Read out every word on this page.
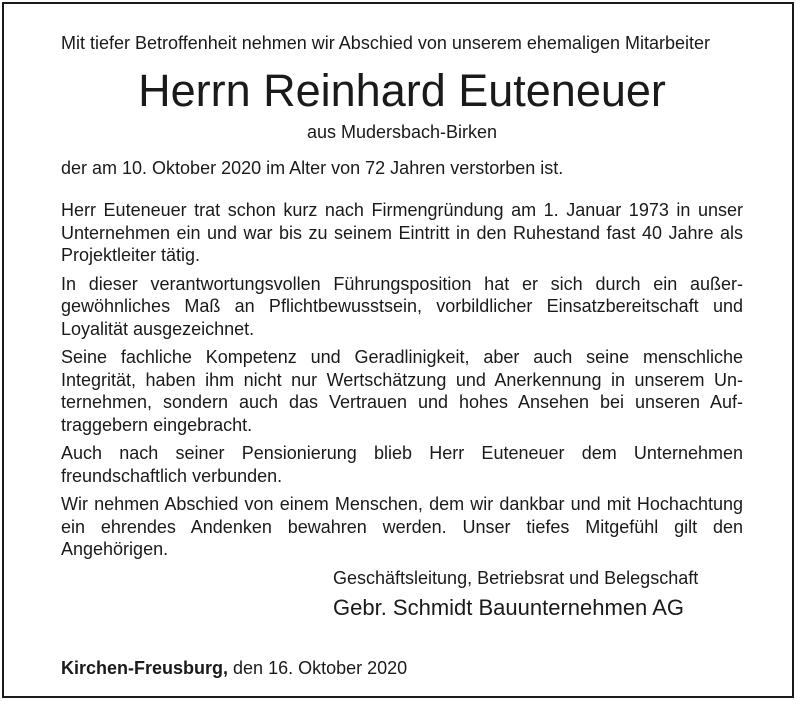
Mit tiefer Betroffenheit nehmen wir Abschied von unserem ehemaligen Mitarbeiter

Herrn Reinhard Euteneuer

aus Mudersbach-Birken

der am 10. Oktober 2020 im Alter von 72 Jahren verstorben ist.

Herr Euteneuer trat schon kurz nach Firmengründung am 1. Januar 1973 in unser Unternehmen ein und war bis zu seinem Eintritt in den Ruhestand fast 40 Jahre als Projektleiter tätig.

In dieser verantwortungsvollen Führungsposition hat er sich durch ein außergewöhnliches Maß an Pflichtbewusstsein, vorbildlicher Einsatzbereitschaft und Loyalität ausgezeichnet.

Seine fachliche Kompetenz und Geradlinigkeit, aber auch seine menschliche Integrität, haben ihm nicht nur Wertschätzung und Anerkennung in unserem Unternehmen, sondern auch das Vertrauen und hohes Ansehen bei unseren Auftraggebern eingebracht.

Auch nach seiner Pensionierung blieb Herr Euteneuer dem Unternehmen freundschaftlich verbunden.

Wir nehmen Abschied von einem Menschen, dem wir dankbar und mit Hochachtung ein ehrendes Andenken bewahren werden. Unser tiefes Mitgefühl gilt den Angehörigen.

Geschäftsleitung, Betriebsrat und Belegschaft

Gebr. Schmidt Bauunternehmen AG

Kirchen-Freusburg, den 16. Oktober 2020
